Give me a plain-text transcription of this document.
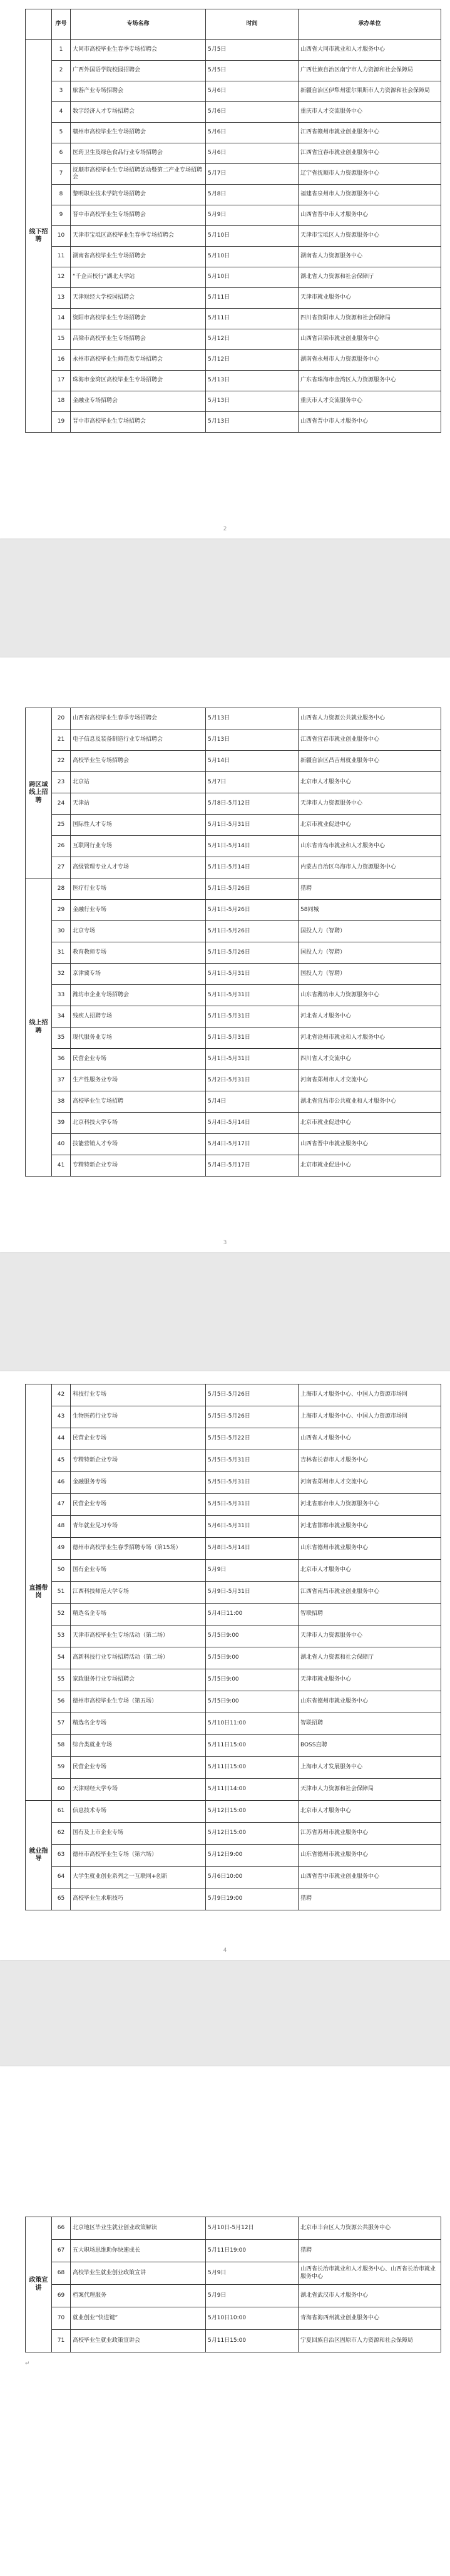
	序号	专场名称	时间	承办单位
线下招聘	1	大同市高校毕业生春季专场招聘会	5月5日	山西省大同市就业和人才服务中心
	2	广西外国语学院校园招聘会	5月5日	广西壮族自治区南宁市人力资源和社会保障局
	3	旅游产业专场招聘会	5月6日	新疆自治区伊犁州霍尔果斯市人力资源和社会保障局
	4	数字经济人才专场招聘会	5月6日	重庆市人才交流服务中心
	5	赣州市高校毕业生专场招聘会	5月6日	江西省赣州市就业创业服务中心
	6	医药卫生及绿色食品行业专场招聘会	5月6日	江西省宜春市就业创业服务中心
	7	抚顺市高校毕业生专场招聘活动暨第二产业专场招聘会	5月7日	辽宁省抚顺市人力资源服务中心
	8	黎明职业技术学院专场招聘会	5月8日	福建省泉州市人力资源服务中心
	9	晋中市高校毕业生专场招聘会	5月9日	山西省晋中市人才服务中心
	10	天津市宝坻区高校毕业生春季专场招聘会	5月10日	天津市宝坻区人力资源服务中心
	11	湖南省高校毕业生专场招聘会	5月10日	湖南省人力资源服务中心
	12	“千企百校行”湖北大学站	5月10日	湖北省人力资源和社会保障厅
	13	天津财经大学校园招聘会	5月11日	天津市就业服务中心
	14	资阳市高校毕业生专场招聘会	5月11日	四川省资阳市人力资源和社会保障局
	15	吕梁市高校毕业生专场招聘会	5月12日	山西省吕梁市就业创业服务中心
	16	永州市高校毕业生师范类专场招聘会	5月12日	湖南省永州市人力资源服务中心
	17	珠海市金湾区高校毕业生专场招聘会	5月13日	广东省珠海市金湾区人力资源服务中心
	18	金融业专场招聘会	5月13日	重庆市人才交流服务中心
	19	晋中市高校毕业生专场招聘会	5月13日	山西省晋中市人才服务中心
2
跨区域线上招聘	20	山西省高校毕业生春季专场招聘会	5月13日	山西省人力资源公共就业服务中心
	21	电子信息及装备制造行业专场招聘会	5月13日	江西省宜春市就业创业服务中心
	22	高校毕业生专场招聘会	5月14日	新疆自治区昌吉州就业服务中心
	23	北京站	5月7日	北京市人才服务中心
	24	天津站	5月8日-5月12日	天津市人力资源服务中心
	25	国际性人才专场	5月1日-5月31日	北京市就业促进中心
	26	互联网行业专场	5月1日-5月14日	山东省青岛市就业和人才服务中心
	27	高级管理专业人才专场	5月1日-5月14日	内蒙古自治区乌海市人力资源服务中心
线上招聘	28	医疗行业专场	5月1日-5月26日	猎聘
	29	金融行业专场	5月1日-5月26日	58同城
	30	北京专场	5月1日-5月26日	国投人力（智聘）
	31	教育教师专场	5月1日-5月26日	国投人力（智聘）
	32	京津冀专场	5月1日-5月31日	国投人力（智聘）
	33	潍坊市企业专场招聘会	5月1日-5月31日	山东省潍坊市人力资源服务中心
	34	残疾人招聘专场	5月1日-5月31日	河北省人才服务中心
	35	现代服务业专场	5月1日-5月31日	河北省沧州市就业和人才服务中心
	36	民营企业专场	5月1日-5月31日	四川省人才交流中心
	37	生产性服务业专场	5月2日-5月31日	河南省郑州市人才交流中心
	38	高校毕业生专场招聘	5月4日	湖北省宜昌市公共就业和人才服务中心
	39	北京科技大学专场	5月4日-5月14日	北京市就业促进中心
	40	技能营销人才专场	5月4日-5月17日	山西省晋中市就业服务中心
	41	专精特新企业专场	5月4日-5月17日	北京市就业促进中心
3
直播带岗	42	科技行业专场	5月5日-5月26日	上海市人才服务中心、中国人力资源市场网
	43	生物医药行业专场	5月5日-5月26日	上海市人才服务中心、中国人力资源市场网
	44	民营企业专场	5月5日-5月22日	山西省人才服务中心
	45	专精特新企业专场	5月5日-5月31日	吉林省长春市人才服务中心
	46	金融服务专场	5月5日-5月31日	河南省郑州市人才交流中心
	47	民营企业专场	5月5日-5月31日	河北省邢台市人力资源服务中心
	48	青年就业见习专场	5月6日-5月31日	河北省邯郸市就业服务中心
	49	德州市高校毕业生春季招聘专场（第15场）	5月8日-5月14日	山东省德州市就业服务中心
	50	国有企业专场	5月9日	北京市人才服务中心
	51	江西科技师范大学专场	5月9日-5月31日	江西省南昌市就业创业服务中心
	52	精选名企专场	5月4日11:00	智联招聘
	53	天津市高校毕业生专场活动（第二场）	5月5日9:00	天津市人力资源服务中心
	54	高新科技行业专场招聘活动（第二场）	5月5日9:00	湖北省人力资源和社会保障厅
	55	家政服务行业专场招聘会	5月5日9:00	天津市就业服务中心
	56	德州市高校毕业生专场（第五场）	5月5日9:00	山东省德州市就业服务中心
	57	精选名企专场	5月10日11:00	智联招聘
	58	综合类就业专场	5月11日15:00	BOSS直聘
	59	民营企业专场	5月11日15:00	上海市人才发展服务中心
	60	天津财经大学专场	5月11日14:00	天津市人力资源和社会保障局
就业指导	61	信息技术专场	5月12日15:00	北京市人才服务中心
	62	国有及上市企业专场	5月12日15:00	江苏省苏州市就业服务中心
	63	德州市高校毕业生专场（第六场）	5月12日9:00	山东省德州市就业服务中心
	64	大学生就业创业系列之一互联网+创新	5月6日10:00	山西省晋中市就业创业服务中心
	65	高校毕业生求职技巧	5月9日19:00	猎聘
4
政策宣讲	66	北京地区毕业生就业创业政策解读	5月10日-5月12日	北京市丰台区人力资源公共服务中心
	67	五大职场思维助你快速成长	5月11日19:00	猎聘
	68	高校毕业生就业创业政策宣讲	5月9日	山西省长治市就业和人才服务中心、山西省长治市就业服务中心
	69	档案代理服务	5月9日	湖北省武汉市人才服务中心
	70	就业创业“快进键”	5月10日10:00	青海省海西州就业创业服务中心
	71	高校毕业生就业政策宣讲会	5月11日15:00	宁夏回族自治区固原市人力资源和社会保障局
↵
